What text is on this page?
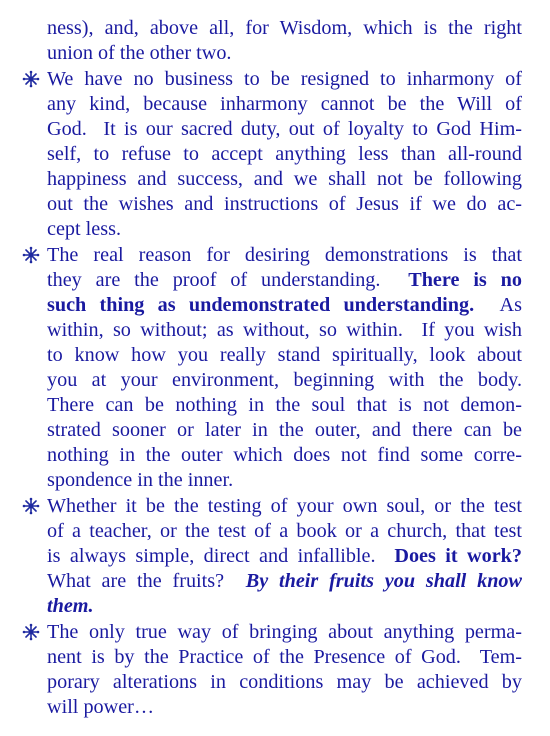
ness), and, above all, for Wisdom, which is the right
union of the other two.
We have no business to be resigned to inharmony of
any kind, because inharmony cannot be the Will of
God.  It is our sacred duty, out of loyalty to God Him-
self, to refuse to accept anything less than all-round
happiness and success, and we shall not be following
out the wishes and instructions of Jesus if we do ac-
cept less.
The real reason for desiring demonstrations is that
they are the proof of understanding.  There is no
such thing as undemonstrated understanding.  As
within, so without; as without, so within.  If you wish
to know how you really stand spiritually, look about
you at your environment, beginning with the body.
There can be nothing in the soul that is not demon-
strated sooner or later in the outer, and there can be
nothing in the outer which does not find some corre-
spondence in the inner.
Whether it be the testing of your own soul, or the test
of a teacher, or the test of a book or a church, that test
is always simple, direct and infallible.  Does it work?
What are the fruits?  By their fruits you shall know
them.
The only true way of bringing about anything perma-
nent is by the Practice of the Presence of God.  Tem-
porary alterations in conditions may be achieved by
will power…
